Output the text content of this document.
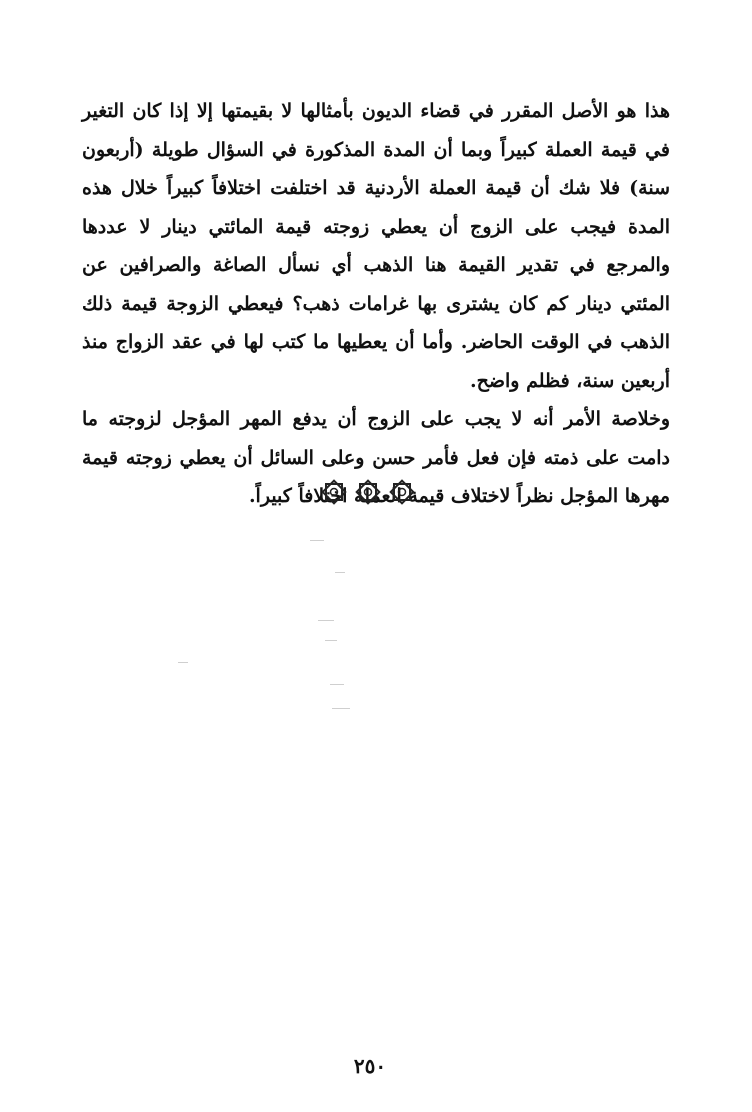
هذا هو الأصل المقرر في قضاء الديون بأمثالها لا بقيمتها إلا إذا كان التغير في قيمة العملة كبيراً وبما أن المدة المذكورة في السؤال طويلة (أربعون سنة) فلا شك أن قيمة العملة الأردنية قد اختلفت اختلافاً كبيراً خلال هذه المدة فيجب على الزوج أن يعطي زوجته قيمة المائتي دينار لا عددها والمرجع في تقدير القيمة هنا الذهب أي نسأل الصاغة والصرافين عن المئتي دينار كم كان يشترى بها غرامات ذهب؟ فيعطي الزوجة قيمة ذلك الذهب في الوقت الحاضر. وأما أن يعطيها ما كتب لها في عقد الزواج منذ أربعين سنة، فظلم واضح.

وخلاصة الأمر أنه لا يجب على الزوج أن يدفع المهر المؤجل لزوجته ما دامت على ذمته فإن فعل فأمر حسن وعلى السائل أن يعطي زوجته قيمة مهرها المؤجل نظراً لاختلاف قيمة العملة اختلافاً كبيراً.

٢٥٠
